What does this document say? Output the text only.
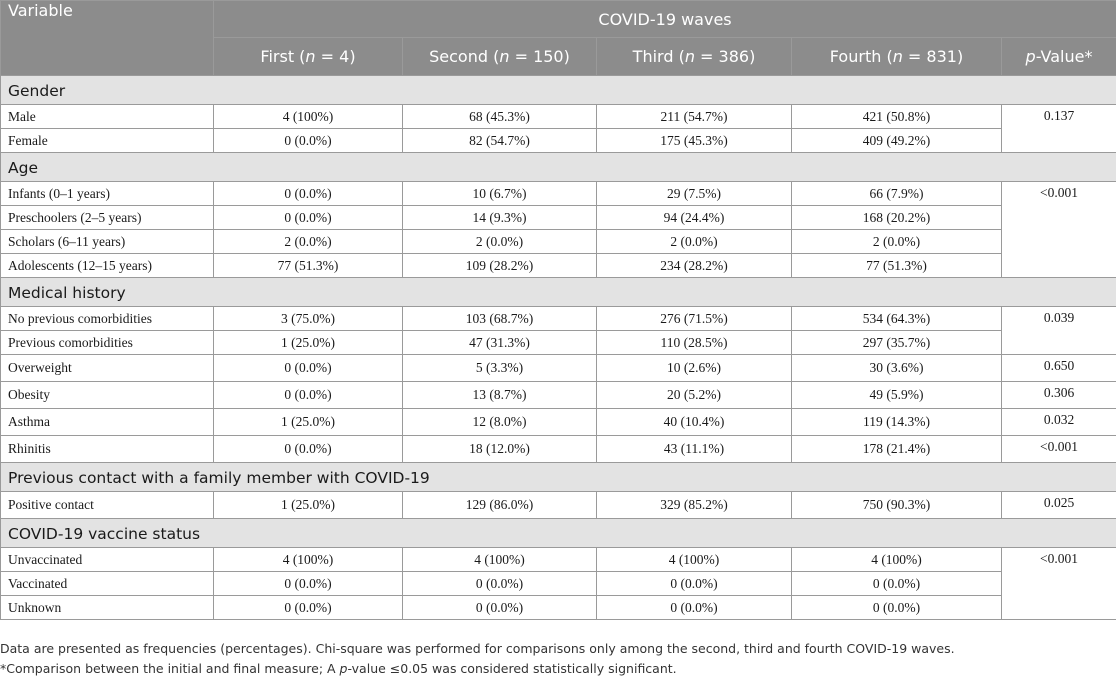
Variable	COVID-19 waves				
	First (n = 4)	Second (n = 150)	Third (n = 386)	Fourth (n = 831)	p-Value*
Gender					
Male	4 (100%)	68 (45.3%)	211 (54.7%)	421 (50.8%)	0.137
Female	0 (0.0%)	82 (54.7%)	175 (45.3%)	409 (49.2%)	
Age					
Infants (0–1 years)	0 (0.0%)	10 (6.7%)	29 (7.5%)	66 (7.9%)	<0.001
Preschoolers (2–5 years)	0 (0.0%)	14 (9.3%)	94 (24.4%)	168 (20.2%)	
Scholars (6–11 years)	2 (0.0%)	2 (0.0%)	2 (0.0%)	2 (0.0%)	
Adolescents (12–15 years)	77 (51.3%)	109 (28.2%)	234 (28.2%)	77 (51.3%)	
Medical history					
No previous comorbidities	3 (75.0%)	103 (68.7%)	276 (71.5%)	534 (64.3%)	0.039
Previous comorbidities	1 (25.0%)	47 (31.3%)	110 (28.5%)	297 (35.7%)	
Overweight	0 (0.0%)	5 (3.3%)	10 (2.6%)	30 (3.6%)	0.650
Obesity	0 (0.0%)	13 (8.7%)	20 (5.2%)	49 (5.9%)	0.306
Asthma	1 (25.0%)	12 (8.0%)	40 (10.4%)	119 (14.3%)	0.032
Rhinitis	0 (0.0%)	18 (12.0%)	43 (11.1%)	178 (21.4%)	<0.001
Previous contact with a family member with COVID-19					
Positive contact	1 (25.0%)	129 (86.0%)	329 (85.2%)	750 (90.3%)	0.025
COVID-19 vaccine status					
Unvaccinated	4 (100%)	4 (100%)	4 (100%)	4 (100%)	<0.001
Vaccinated	0 (0.0%)	0 (0.0%)	0 (0.0%)	0 (0.0%)	
Unknown	0 (0.0%)	0 (0.0%)	0 (0.0%)	0 (0.0%)	
Data are presented as frequencies (percentages). Chi-square was performed for comparisons only among the second, third and fourth COVID-19 waves.
*Comparison between the initial and final measure; A p-value ≤0.05 was considered statistically significant.
